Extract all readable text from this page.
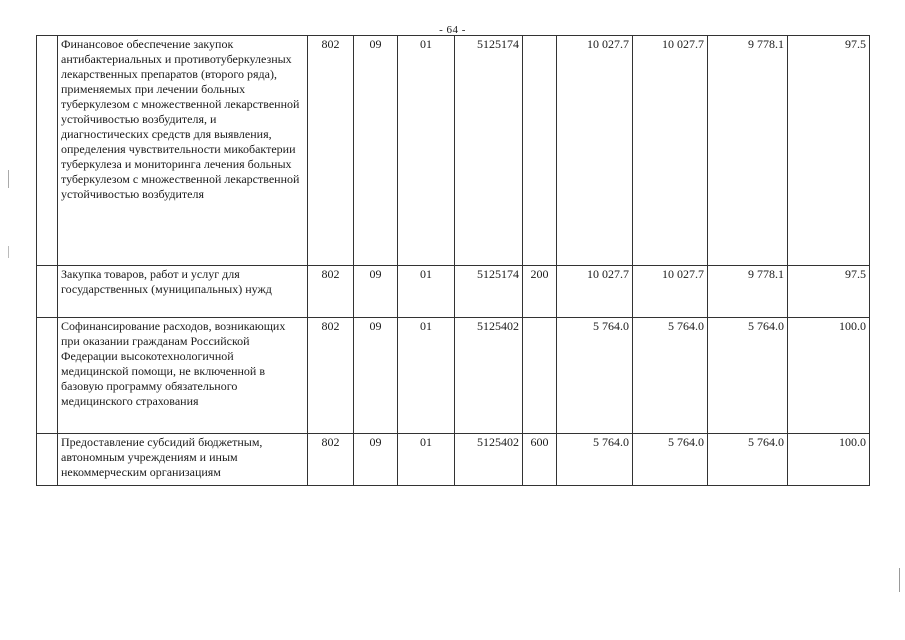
- 64 -
	Финансовое обеспечение закупок антибактериальных и противотуберкулезных лекарственных препаратов (второго ряда), применяемых при лечении больных туберкулезом с множественной лекарственной устойчивостью возбудителя, и диагностических средств для выявления, определения чувствительности микобактерии туберкулеза и мониторинга лечения больных туберкулезом с множественной лекарственной устойчивостью возбудителя	802	09	01	5125174		10 027.7	10 027.7	9 778.1	97.5
	Закупка товаров, работ и услуг для государственных (муниципальных) нужд	802	09	01	5125174	200	10 027.7	10 027.7	9 778.1	97.5
	Софинансирование расходов, возникающих при оказании гражданам Российской Федерации высокотехнологичной медицинской помощи, не включенной в базовую программу обязательного медицинского страхования	802	09	01	5125402		5 764.0	5 764.0	5 764.0	100.0
	Предоставление субсидий бюджетным, автономным учреждениям и иным некоммерческим организациям	802	09	01	5125402	600	5 764.0	5 764.0	5 764.0	100.0
